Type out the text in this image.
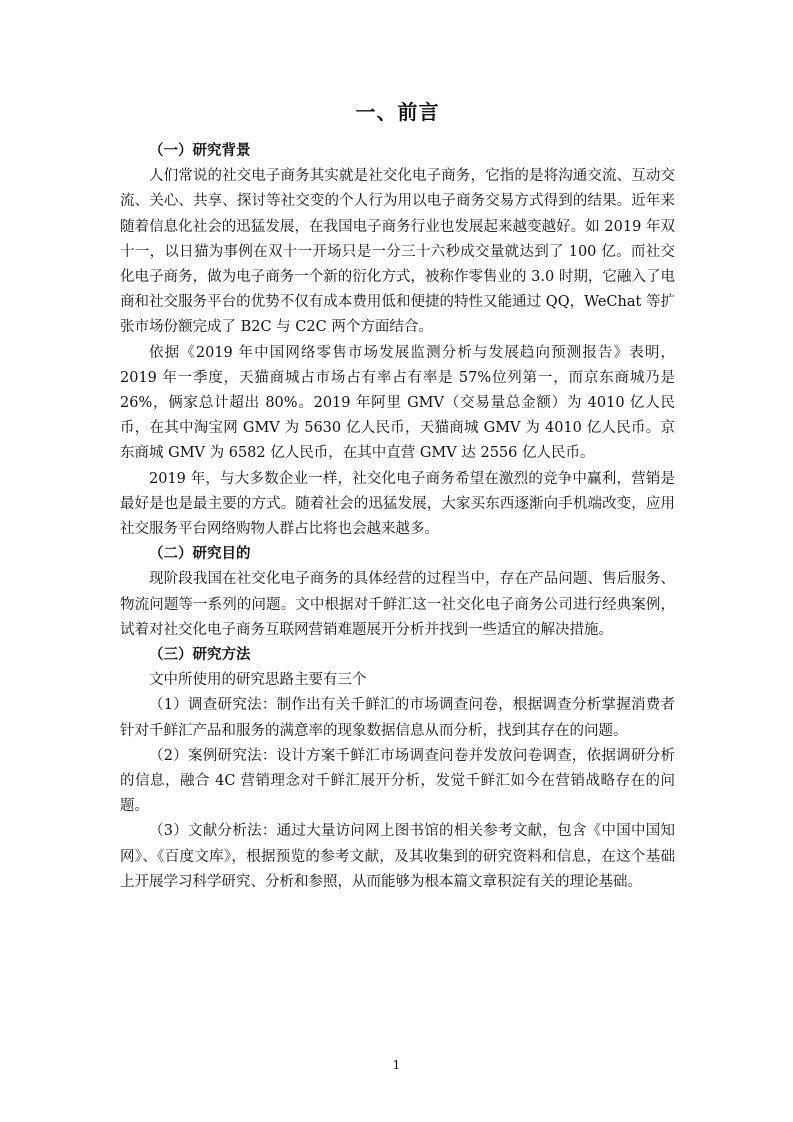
一、前言

（一）研究背景

人们常说的社交电子商务其实就是社交化电子商务，它指的是将沟通交流、互动交流、关心、共享、探讨等社交变的个人行为用以电子商务交易方式得到的结果。近年来随着信息化社会的迅猛发展，在我国电子商务行业也发展起来越变越好。如 2019 年双十一，以日猫为事例在双十一开场只是一分三十六秒成交量就达到了 100 亿。而社交化电子商务，做为电子商务一个新的衍化方式，被称作零售业的 3.0 时期，它融入了电商和社交服务平台的优势不仅有成本费用低和便捷的特性又能通过 QQ，WeChat 等扩张市场份额完成了 B2C 与 C2C 两个方面结合。

依据《2019 年中国网络零售市场发展监测分析与发展趋向预测报告》表明，2019 年一季度，天猫商城占市场占有率占有率是 57%位列第一，而京东商城乃是 26%，俩家总计超出 80%。2019 年阿里 GMV（交易量总金额）为 4010 亿人民币，在其中淘宝网 GMV 为 5630 亿人民币，天猫商城 GMV 为 4010 亿人民币。京东商城 GMV 为 6582 亿人民币，在其中直营 GMV 达 2556 亿人民币。

2019 年，与大多数企业一样，社交化电子商务希望在激烈的竞争中赢利，营销是最好是也是最主要的方式。随着社会的迅猛发展，大家买东西逐渐向手机端改变，应用社交服务平台网络购物人群占比将也会越来越多。

（二）研究目的

现阶段我国在社交化电子商务的具体经营的过程当中，存在产品问题、售后服务、物流问题等一系列的问题。文中根据对千鲜汇这一社交化电子商务公司进行经典案例，试着对社交化电子商务互联网营销难题展开分析并找到一些适宜的解决措施。

（三）研究方法

文中所使用的研究思路主要有三个

（1）调查研究法：制作出有关千鲜汇的市场调查问卷，根据调查分析掌握消费者针对千鲜汇产品和服务的满意率的现象数据信息从而分析，找到其存在的问题。

（2）案例研究法：设计方案千鲜汇市场调查问卷并发放问卷调查，依据调研分析的信息，融合 4C 营销理念对千鲜汇展开分析，发觉千鲜汇如今在营销战略存在的问题。

（3）文献分析法：通过大量访问网上图书馆的相关参考文献，包含《中国中国知网》、《百度文库》，根据预览的参考文献，及其收集到的研究资料和信息，在这个基础上开展学习科学研究、分析和参照，从而能够为根本篇文章积淀有关的理论基础。

1
